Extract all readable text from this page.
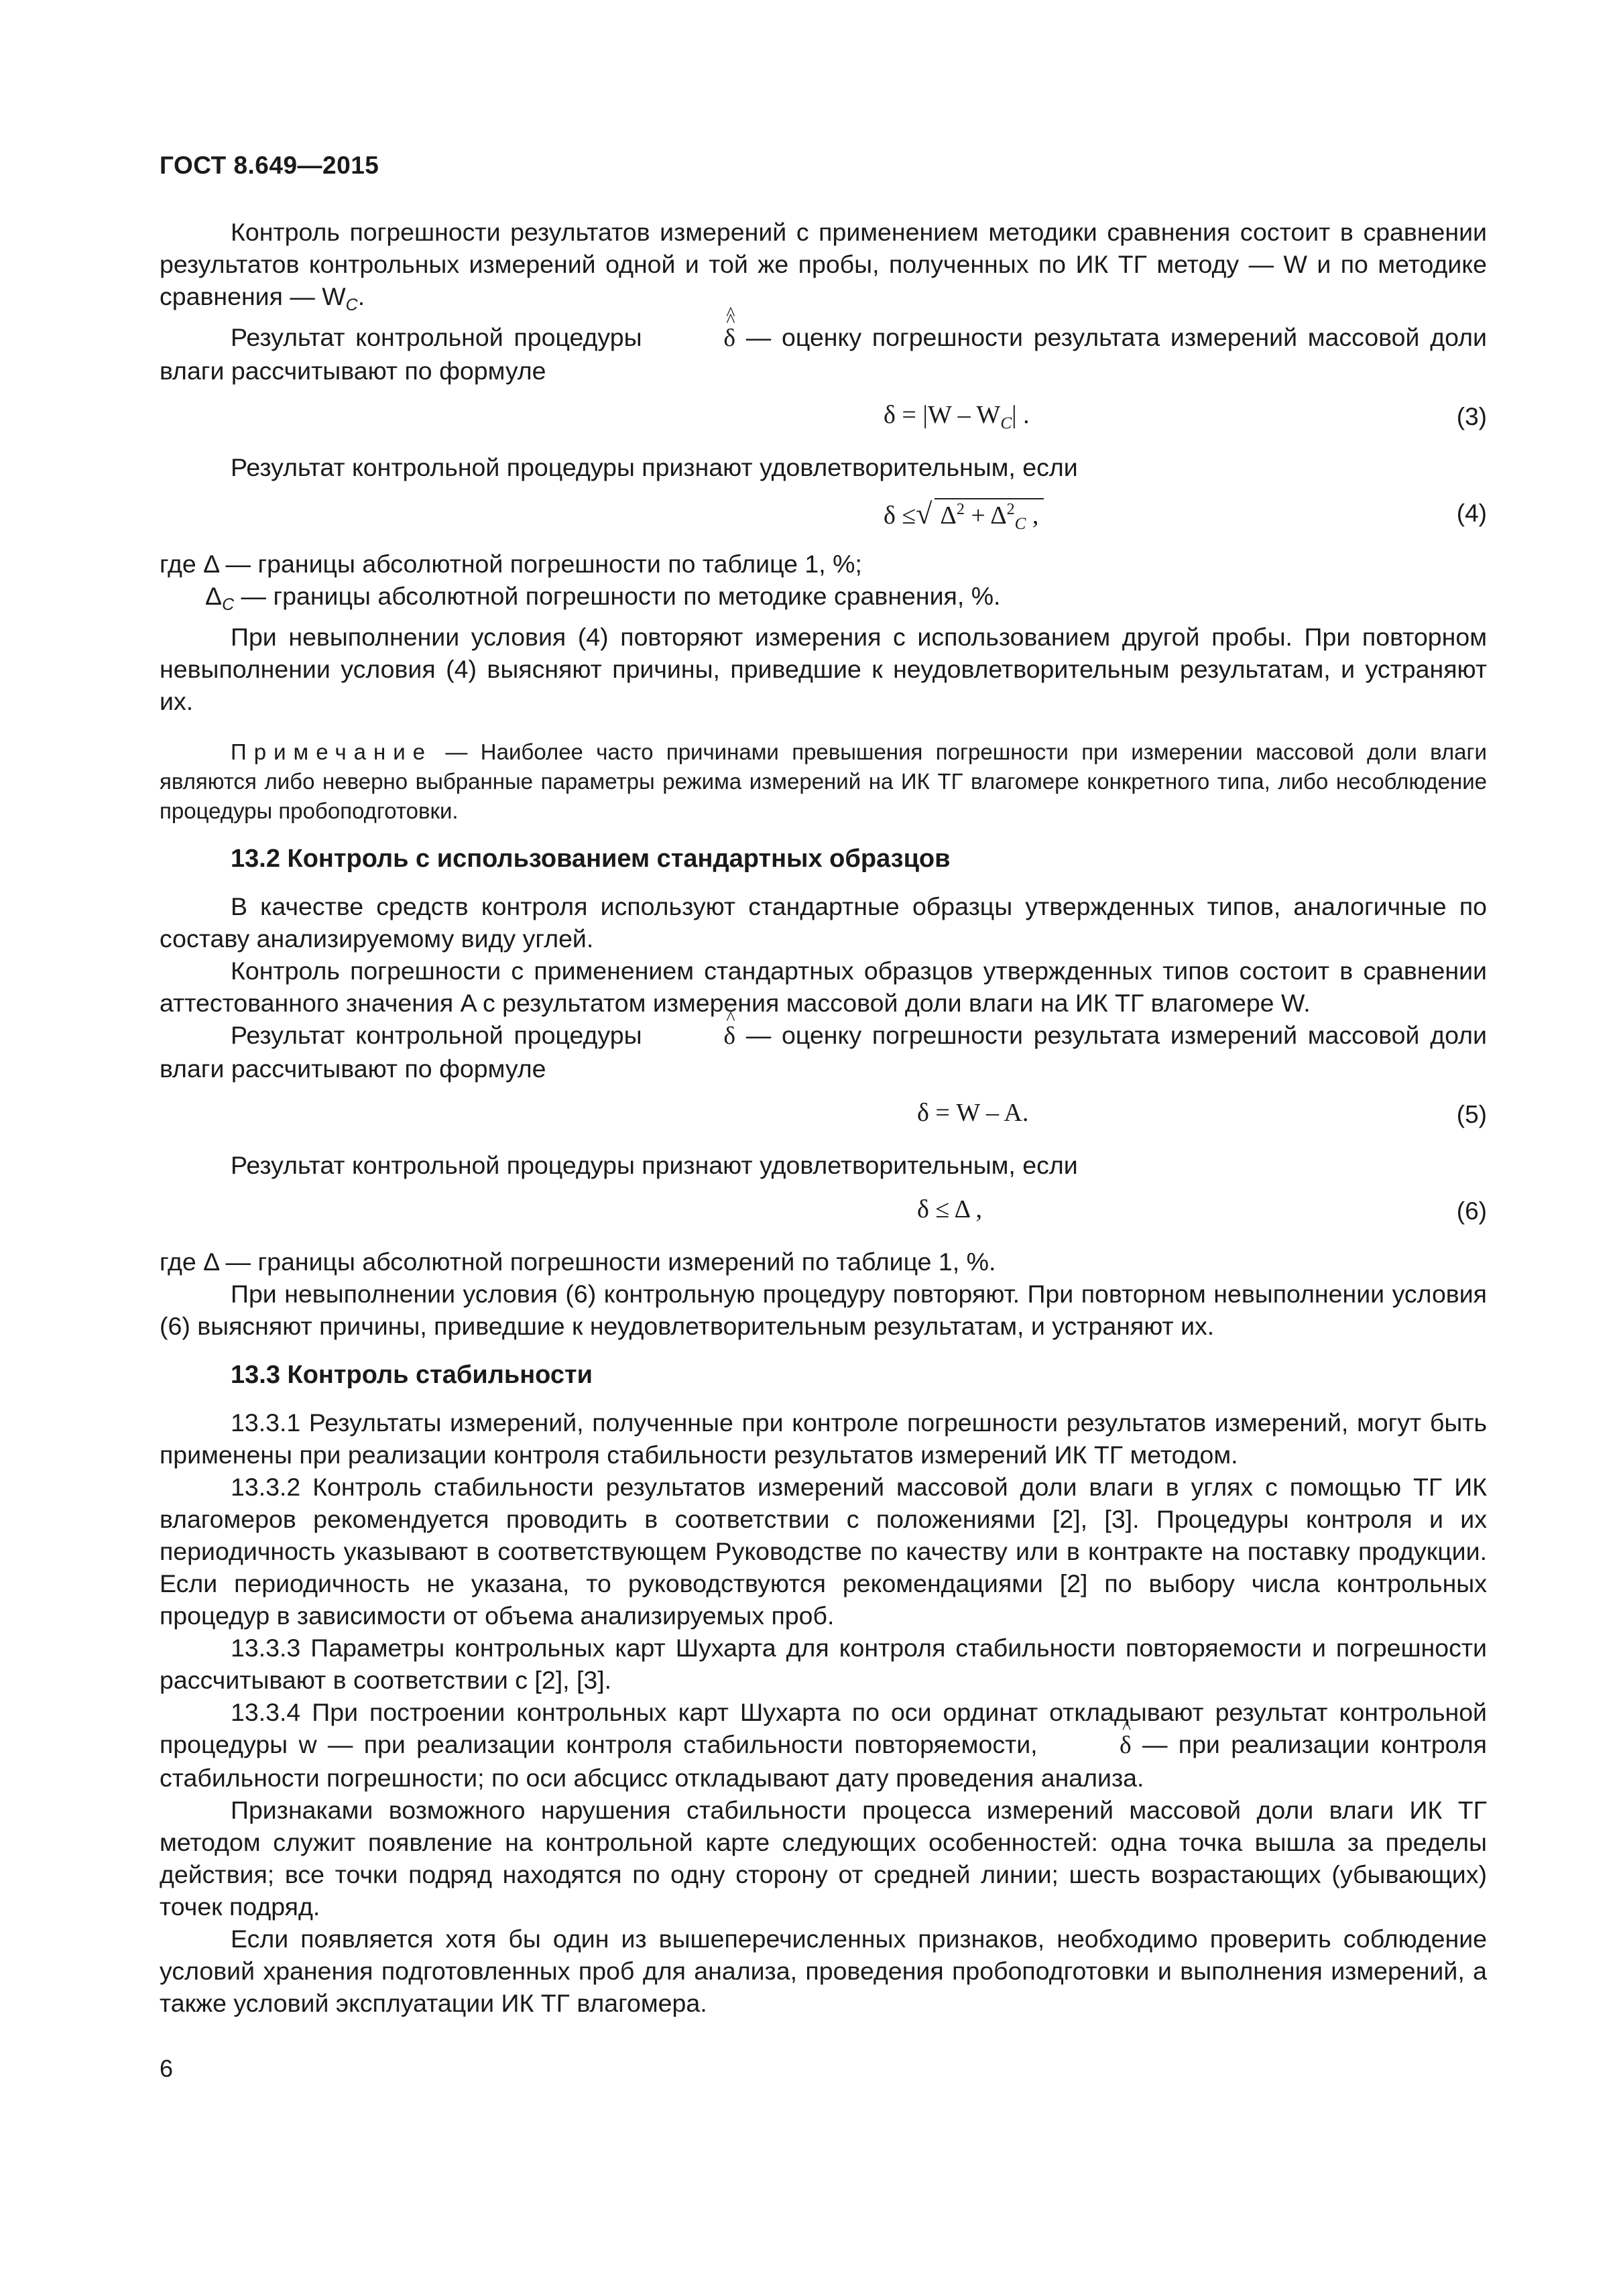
ГОСТ 8.649—2015

Контроль погрешности результатов измерений с применением методики сравнения состоит в сравнении результатов контрольных измерений одной и той же пробы, полученных по ИК ТГ методу — W и по методике сравнения — $W_C$.

Результат контрольной процедуры	^ δ ^ — оценку погрешности результата измерений массовой доли влаги рассчитывают по формуле

$\delta = |W - W_C|$ .	(3)

Результат контрольной процедуры признают удовлетворительным, если

δ ≤√ $\Delta^2 + \Delta^2_C$ ,	(4)

где Δ — границы абсолютной погрешности по таблице 1, %;

$\Delta_C$ — границы абсолютной погрешности по методике сравнения, %.

При невыполнении условия (4) повторяют измерения с использованием другой пробы. При повторном невыполнении условия (4) выясняют причины, приведшие к неудовлетворительным результатам, и устраняют их.

Примечание — Наиболее часто причинами превышения погрешности при измерении массовой доли влаги являются либо неверно выбранные параметры режима измерений на ИК ТГ влагомере конкретного типа, либо несоблюдение процедуры пробоподготовки.
13.2 Контроль с использованием стандартных образцов

В качестве средств контроля используют стандартные образцы утвержденных типов, аналогичные по составу анализируемому виду углей.

Контроль погрешности с применением стандартных образцов утвержденных типов состоит в сравнении аттестованного значения A с результатом измерения массовой доли влаги на ИК ТГ влагомере W.

Результат контрольной процедуры	^ δ — оценку погрешности результата измерений массовой доли влаги рассчитывают по формуле

δ = W – A.	(5)

Результат контрольной процедуры признают удовлетворительным, если

δ ≤ Δ ,	(6)

где Δ — границы абсолютной погрешности измерений по таблице 1, %.

При невыполнении условия (6) контрольную процедуру повторяют. При повторном невыполнении условия (6) выясняют причины, приведшие к неудовлетворительным результатам, и устраняют их.

13.3 Контроль стабильности

13.3.1 Результаты измерений, полученные при контроле погрешности результатов измерений, могут быть применены при реализации контроля стабильности результатов измерений ИК ТГ методом.

13.3.2 Контроль стабильности результатов измерений массовой доли влаги в углях с помощью ТГ ИК влагомеров рекомендуется проводить в соответствии с положениями [2], [3]. Процедуры контроля и их периодичность указывают в соответствующем Руководстве по качеству или в контракте на поставку продукции. Если периодичность не указана, то руководствуются рекомендациями [2] по выбору числа контрольных процедур в зависимости от объема анализируемых проб.

13.3.3 Параметры контрольных карт Шухарта для контроля стабильности повторяемости и погрешности рассчитывают в соответствии с [2], [3].

13.3.4 При построении контрольных карт Шухарта по оси ординат откладывают результат контрольной процедуры w — при реализации контроля стабильности повторяемости,	^ δ — при реализации контроля стабильности погрешности; по оси абсцисс откладывают дату проведения анализа.

Признаками возможного нарушения стабильности процесса измерений массовой доли влаги ИК ТГ методом служит появление на контрольной карте следующих особенностей: одна точка вышла за пределы действия; все точки подряд находятся по одну сторону от средней линии; шесть возрастающих (убывающих) точек подряд.

Если появляется хотя бы один из вышеперечисленных признаков, необходимо проверить соблюдение условий хранения подготовленных проб для анализа, проведения пробоподготовки и выполнения измерений, а также условий эксплуатации ИК ТГ влагомера.

6
